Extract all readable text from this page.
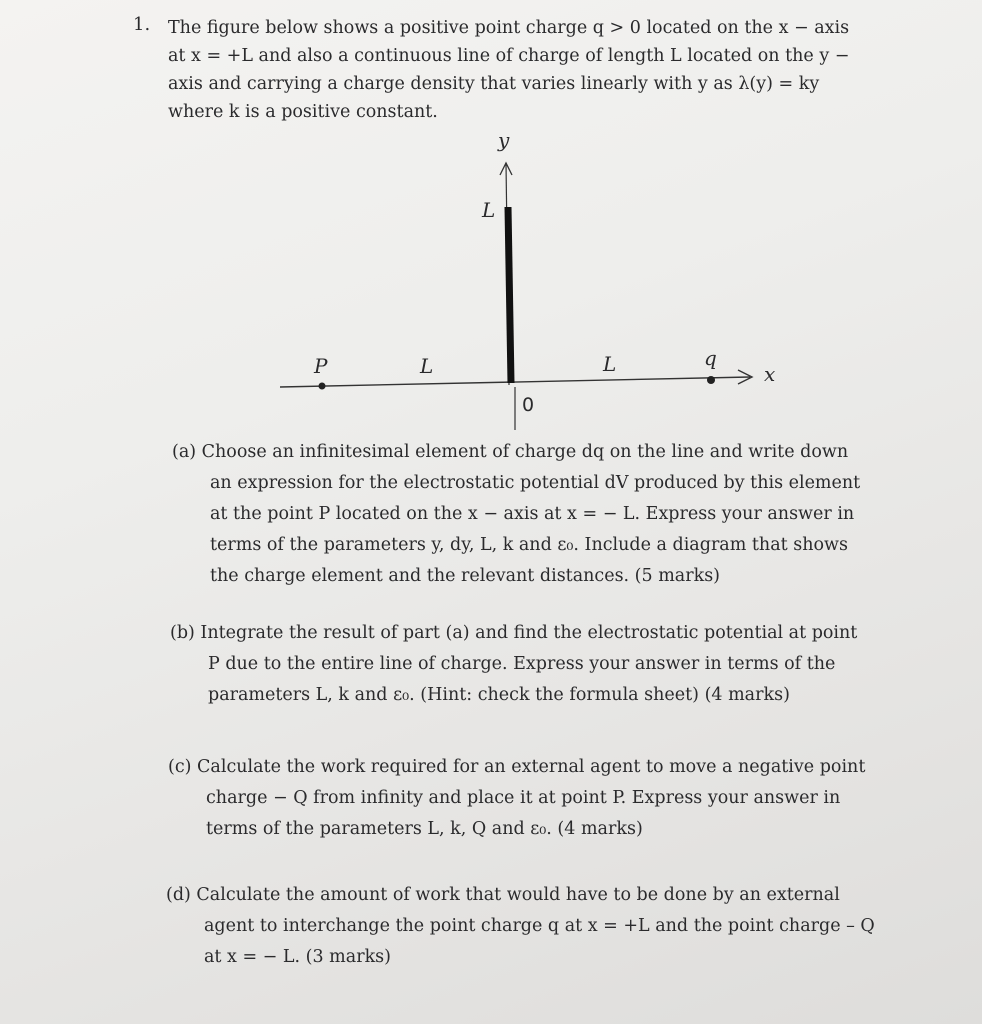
1. The figure below shows a positive point charge q > 0 located on the x − axis
at x = +L and also a continuous line of charge of length L located on the y −
axis and carrying a charge density that varies linearly with y as λ(y) = ky
where k is a positive constant.
y
L
P	L	L	q
x
0
(a) Choose an infinitesimal element of charge dq on the line and write down
an expression for the electrostatic potential dV produced by this element
at the point P located on the x − axis at x = − L. Express your answer in
terms of the parameters y, dy, L, k and ε₀. Include a diagram that shows
the charge element and the relevant distances. (5 marks)
(b) Integrate the result of part (a) and find the electrostatic potential at point
P due to the entire line of charge. Express your answer in terms of the
parameters L, k and ε₀. (Hint: check the formula sheet) (4 marks)
(c) Calculate the work required for an external agent to move a negative point
charge − Q from infinity and place it at point P. Express your answer in
terms of the parameters L, k, Q and ε₀. (4 marks)
(d) Calculate the amount of work that would have to be done by an external
agent to interchange the point charge q at x = +L and the point charge – Q
at x = − L. (3 marks)
